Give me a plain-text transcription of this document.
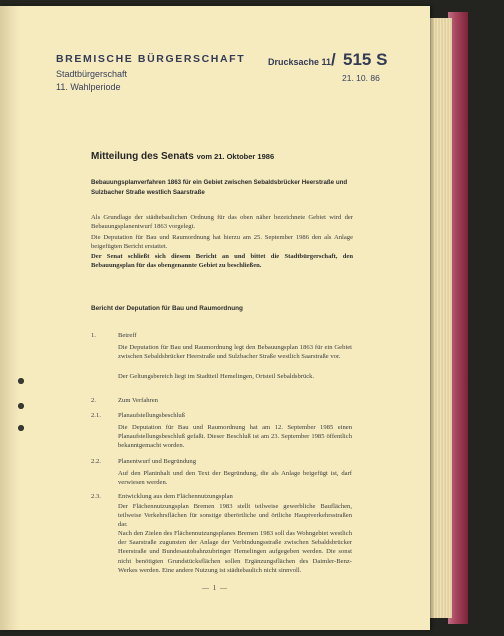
BREMISCHE BÜRGERSCHAFT
Stadtbürgerschaft
11. Wahlperiode
Drucksache 11 / 515 S
21. 10. 86
Mitteilung des Senats vom 21. Oktober 1986
Bebauungsplanverfahren 1863 für ein Gebiet zwischen Sebaldsbrücker Heerstraße und Sulzbacher Straße westlich Saarstraße
Als Grundlage der städtebaulichen Ordnung für das oben näher bezeichnete Gebiet wird der Bebauungsplanentwurf 1863 vorgelegt.
Die Deputation für Bau und Raumordnung hat hierzu am 25. September 1986 den als Anlage beigefügten Bericht erstattet.
Der Senat schließt sich diesem Bericht an und bittet die Stadtbürgerschaft, den Bebauungsplan für das obengenannte Gebiet zu beschließen.
Bericht der Deputation für Bau und Raumordnung
1.	Betreff
Die Deputation für Bau und Raumordnung legt den Bebauungsplan 1863 für ein Gebiet zwischen Sebaldsbrücker Heerstraße und Sulzbacher Straße westlich Saarstraße vor.
Der Geltungsbereich liegt im Stadtteil Hemelingen, Ortsteil Sebaldsbrück.
2.	Zum Verfahren
2.1.	Planaufstellungsbeschluß
Die Deputation für Bau und Raumordnung hat am 12. September 1985 einen Planaufstellungsbeschluß gefaßt. Dieser Beschluß ist am 23. September 1985 öffentlich bekanntgemacht worden.
2.2.	Planentwurf und Begründung
Auf den Planinhalt und den Text der Begründung, die als Anlage beigefügt ist, darf verwiesen werden.
2.3.	Entwicklung aus dem Flächennutzungsplan
Der Flächennutzungsplan Bremen 1983 stellt teilweise gewerbliche Bauflächen, teilweise Verkehrsflächen für sonstige überörtliche und örtliche Hauptverkehrsstraßen dar.
Nach den Zielen des Flächennutzungsplanes Bremen 1983 soll das Wohngebiet westlich der Saarstraße zugunsten der Anlage der Verbindungsstraße zwischen Sebaldsbrücker Heerstraße und Bundesautobahnzubringer Hemelingen aufgegeben werden. Die sonst nicht benötigten Grundstücksflächen sollen Ergänzungsflächen des Daimler-Benz-Werkes werden. Eine andere Nutzung ist städtebaulich nicht sinnvoll.
— 1 —
